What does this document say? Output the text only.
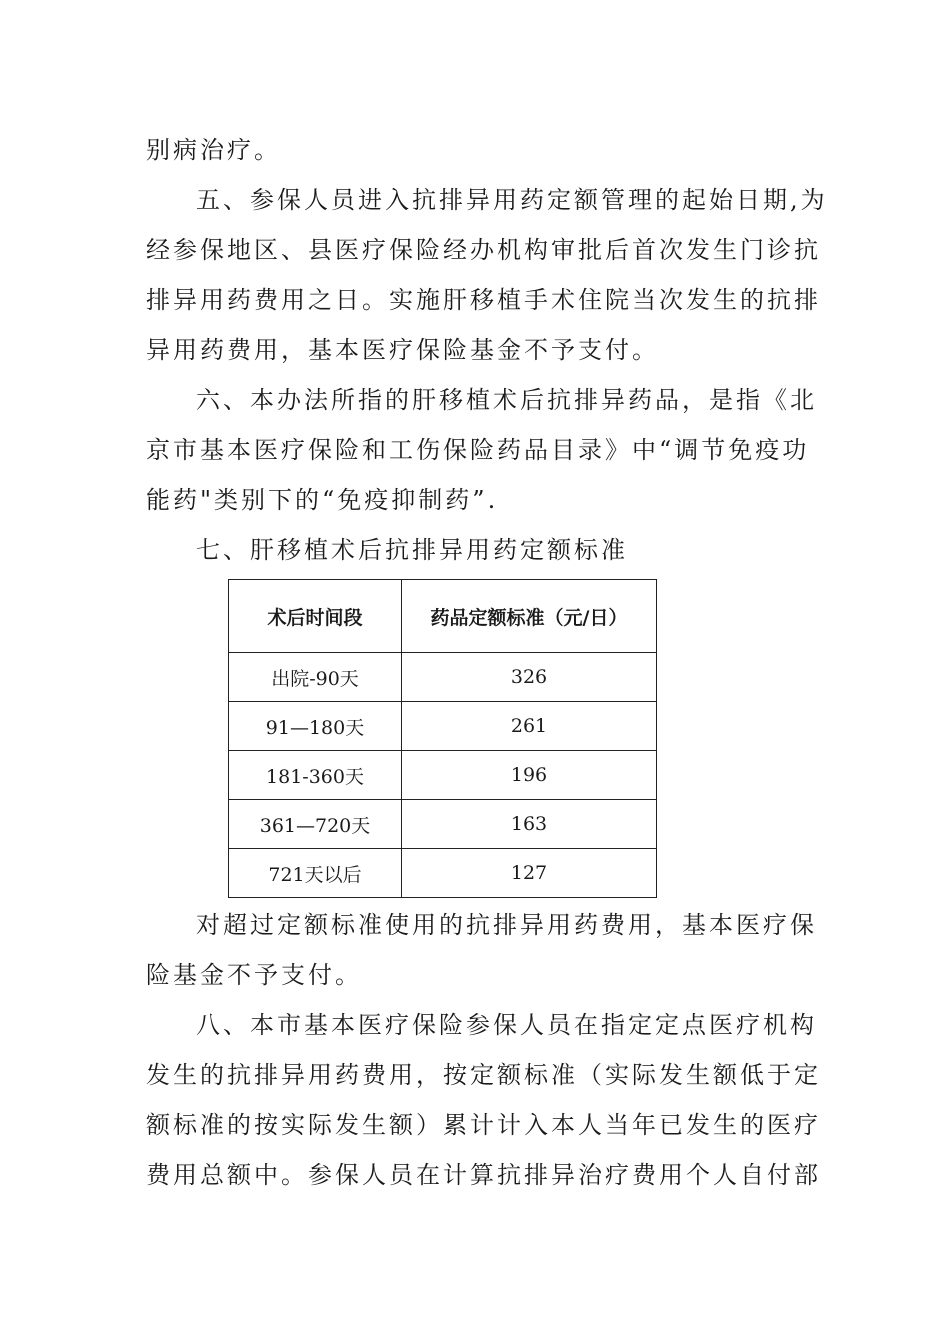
别病治疗。
五、参保人员进入抗排异用药定额管理的起始日期,为
经参保地区、县医疗保险经办机构审批后首次发生门诊抗
排异用药费用之日。实施肝移植手术住院当次发生的抗排
异用药费用，基本医疗保险基金不予支付。
六、本办法所指的肝移植术后抗排异药品，是指《北
京市基本医疗保险和工伤保险药品目录》中“调节免疫功
能药"类别下的“免疫抑制药”.
七、肝移植术后抗排异用药定额标准
术后时间段	药品定额标准（元/日）
出院-90天	326
91—180天	261
181-360天	196
361—720天	163
721天以后	127
对超过定额标准使用的抗排异用药费用，基本医疗保
险基金不予支付。
八、本市基本医疗保险参保人员在指定定点医疗机构
发生的抗排异用药费用，按定额标准（实际发生额低于定
额标准的按实际发生额）累计计入本人当年已发生的医疗
费用总额中。参保人员在计算抗排异治疗费用个人自付部
